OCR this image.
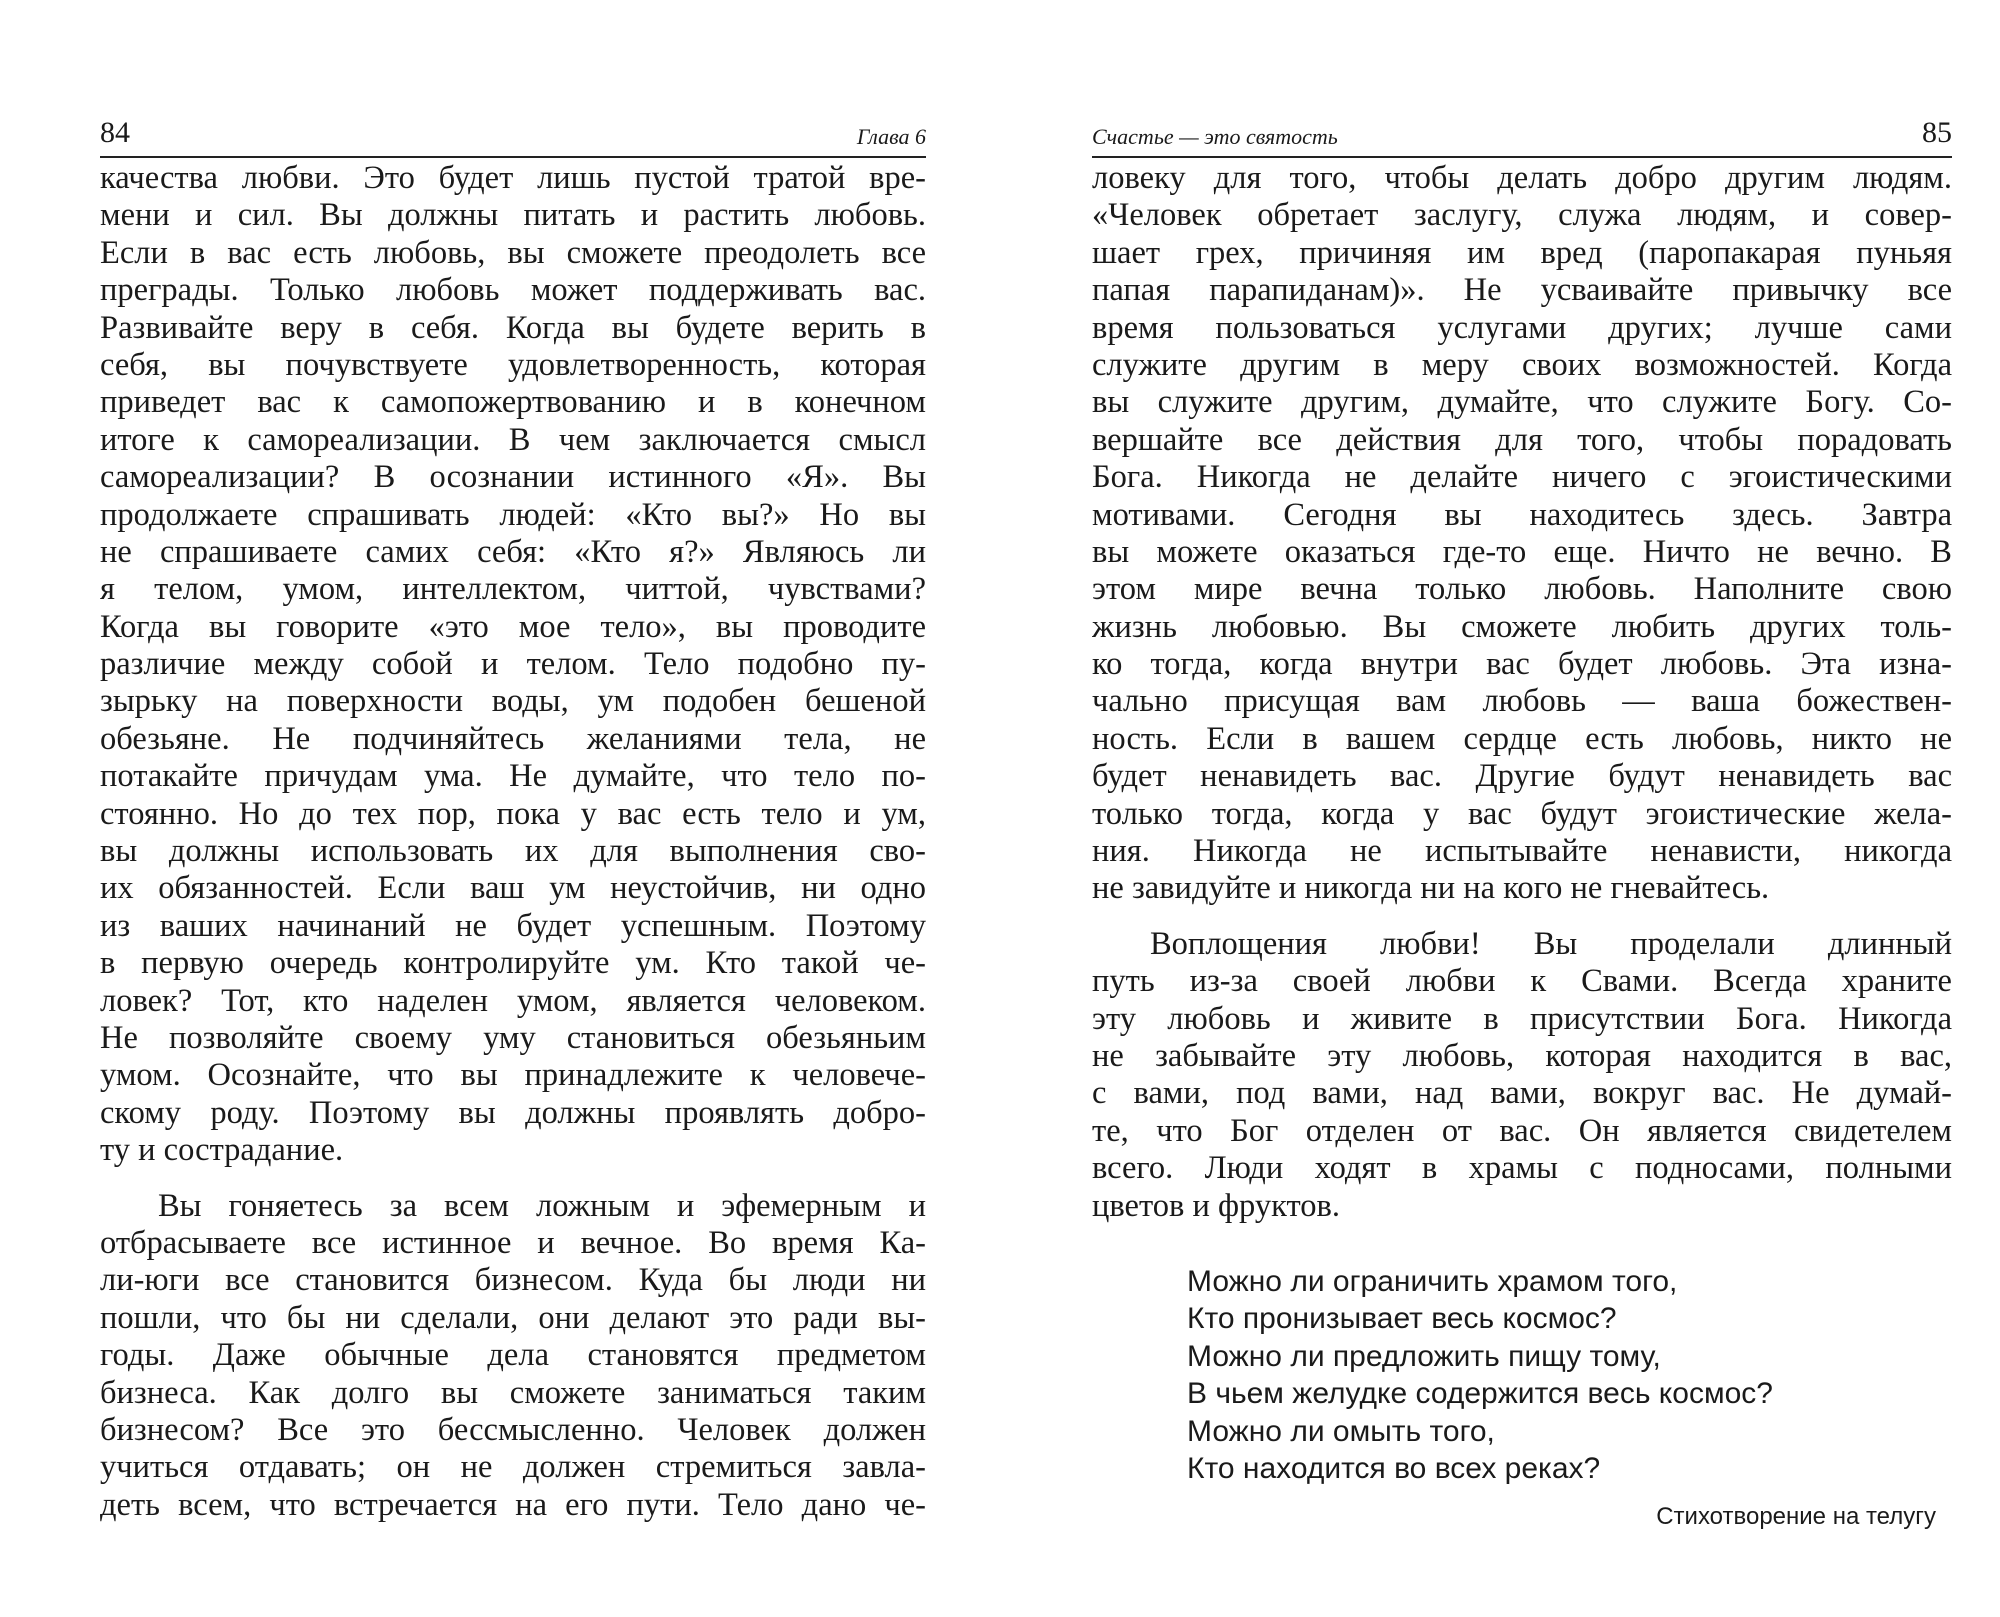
84	Глава 6
качества любви. Это будет лишь пустой тратой вре-
мени и сил. Вы должны питать и растить любовь.
Если в вас есть любовь, вы сможете преодолеть все
преграды. Только любовь может поддерживать вас.
Развивайте веру в себя. Когда вы будете верить в
себя, вы почувствуете удовлетворенность, которая
приведет вас к самопожертвованию и в конечном
итоге к самореализации. В чем заключается смысл
самореализации? В осознании истинного «Я». Вы
продолжаете спрашивать людей: «Кто вы?» Но вы
не спрашиваете самих себя: «Кто я?» Являюсь ли
я телом, умом, интеллектом, читтой, чувствами?
Когда вы говорите «это мое тело», вы проводите
различие между собой и телом. Тело подобно пу-
зырьку на поверхности воды, ум подобен бешеной
обезьяне. Не подчиняйтесь желаниями тела, не
потакайте причудам ума. Не думайте, что тело по-
стоянно. Но до тех пор, пока у вас есть тело и ум,
вы должны использовать их для выполнения сво-
их обязанностей. Если ваш ум неустойчив, ни одно
из ваших начинаний не будет успешным. Поэтому
в первую очередь контролируйте ум. Кто такой че-
ловек? Тот, кто наделен умом, является человеком.
Не позволяйте своему уму становиться обезьяньим
умом. Осознайте, что вы принадлежите к человече-
скому роду. Поэтому вы должны проявлять добро-
ту и сострадание.
Вы гоняетесь за всем ложным и эфемерным и
отбрасываете все истинное и вечное. Во время Ка-
ли-юги все становится бизнесом. Куда бы люди ни
пошли, что бы ни сделали, они делают это ради вы-
годы. Даже обычные дела становятся предметом
бизнеса. Как долго вы сможете заниматься таким
бизнесом? Все это бессмысленно. Человек должен
учиться отдавать; он не должен стремиться завла-
деть всем, что встречается на его пути. Тело дано че-
Счастье — это святость	85
ловеку для того, чтобы делать добро другим людям.
«Человек обретает заслугу, служа людям, и совер-
шает грех, причиняя им вред (паропакарая пуньяя
папая парапиданам)». Не усваивайте привычку все
время пользоваться услугами других; лучше сами
служите другим в меру своих возможностей. Когда
вы служите другим, думайте, что служите Богу. Со-
вершайте все действия для того, чтобы порадовать
Бога. Никогда не делайте ничего с эгоистическими
мотивами. Сегодня вы находитесь здесь. Завтра
вы можете оказаться где-то еще. Ничто не вечно. В
этом мире вечна только любовь. Наполните свою
жизнь любовью. Вы сможете любить других толь-
ко тогда, когда внутри вас будет любовь. Эта изна-
чально присущая вам любовь — ваша божествен-
ность. Если в вашем сердце есть любовь, никто не
будет ненавидеть вас. Другие будут ненавидеть вас
только тогда, когда у вас будут эгоистические жела-
ния. Никогда не испытывайте ненависти, никогда
не завидуйте и никогда ни на кого не гневайтесь.
Воплощения любви! Вы проделали длинный
путь из-за своей любви к Свами. Всегда храните
эту любовь и живите в присутствии Бога. Никогда
не забывайте эту любовь, которая находится в вас,
с вами, под вами, над вами, вокруг вас. Не думай-
те, что Бог отделен от вас. Он является свидетелем
всего. Люди ходят в храмы с подносами, полными
цветов и фруктов.
Можно ли ограничить храмом того,
Кто пронизывает весь космос?
Можно ли предложить пищу тому,
В чьем желудке содержится весь космос?
Можно ли омыть того,
Кто находится во всех реках?
Стихотворение на телугу
